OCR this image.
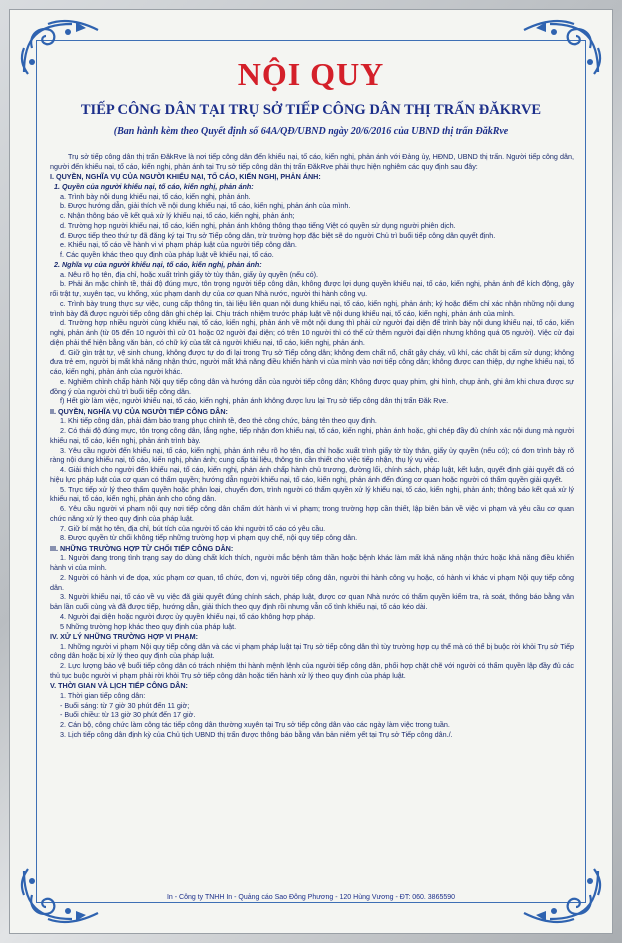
NỘI QUY
TIẾP CÔNG DÂN TẠI TRỤ SỞ TIẾP CÔNG DÂN THỊ TRẤN ĐĂKRVE
(Ban hành kèm theo Quyết định số 64A/QĐ/UBND ngày 20/6/2016 của UBND thị trấn ĐăkRve

Trụ sở tiếp công dân thị trấn ĐăkRve là nơi tiếp công dân đến khiếu nại, tố cáo, kiến nghị, phản ánh với Đảng ủy, HĐND, UBND thị trấn. Người tiếp công dân, người đến khiếu nại, tố cáo, kiến nghị, phản ánh tại Trụ sở tiếp công dân thị trấn ĐăkRve phải thực hiện nghiêm các quy định sau đây:

I. QUYỀN, NGHĨA VỤ CỦA NGƯỜI KHIẾU NẠI, TỐ CÁO, KIẾN NGHỊ, PHẢN ÁNH:

1. Quyền của người khiếu nại, tố cáo, kiến nghị, phản ánh:

a. Trình bày nội dung khiếu nại, tố cáo, kiến nghị, phản ánh.

b. Được hướng dẫn, giải thích về nội dung khiếu nại, tố cáo, kiến nghị, phản ánh của mình.

c. Nhận thông báo về kết quả xử lý khiếu nại, tố cáo, kiến nghị, phản ánh;

d. Trường hợp người khiếu nại, tố cáo, kiến nghị, phản ánh không thông thạo tiếng Việt có quyền sử dụng người phiên dịch.

đ. Được tiếp theo thứ tự đã đăng ký tại Trụ sở Tiếp công dân, trừ trường hợp đặc biệt sẽ do người Chủ trì buổi tiếp công dân quyết định.

e. Khiếu nại, tố cáo về hành vi vi phạm pháp luật của người tiếp công dân.

f. Các quyền khác theo quy định của pháp luật về khiếu nại, tố cáo.

2. Nghĩa vụ của người khiếu nại, tố cáo, kiến nghị, phản ánh:

a. Nêu rõ họ tên, địa chỉ, hoặc xuất trình giấy tờ tùy thân, giấy ủy quyền (nếu có).

b. Phải ăn mặc chỉnh tề, thái độ đúng mực, tôn trọng người tiếp công dân, không được lợi dụng quyền khiếu nại, tố cáo, kiến nghị, phản ánh để kích động, gây rối trật tự, xuyên tạc, vu khống, xúc phạm danh dự của cơ quan Nhà nước, người thi hành công vụ.

c. Trình bày trung thực sự việc, cung cấp thông tin, tài liệu liên quan nội dung khiếu nại, tố cáo, kiến nghị, phản ánh; ký hoặc điểm chỉ xác nhận những nội dung trình bày đã được người tiếp công dân ghi chép lại. Chịu trách nhiệm trước pháp luật về nội dung khiếu nại, tố cáo, kiến nghị, phản ánh của mình.

d. Trường hợp nhiều người cùng khiếu nại, tố cáo, kiến nghị, phản ánh về một nội dung thì phải cử người đại diện để trình bày nội dung khiếu nại, tố cáo, kiến nghị, phản ánh (từ 05 đến 10 người thì cử 01 hoặc 02 người đại diện; có trên 10 người thì có thể cử thêm người đại diện nhưng không quá 05 người). Việc cử đại diện phải thể hiện bằng văn bản, có chữ ký của tất cả người khiếu nại, tố cáo, kiến nghị, phản ánh.

đ. Giữ gìn trật tự, vệ sinh chung, không được tự do đi lại trong Trụ sở Tiếp công dân; không đem chất nổ, chất gây cháy, vũ khí, các chất bị cấm sử dụng; không đưa trẻ em, người bị mất khả năng nhận thức, người mất khả năng điều khiển hành vi của mình vào nơi tiếp công dân; không được can thiệp, dự nghe khiếu nại, tố cáo, kiến nghị, phản ánh của người khác.

e. Nghiêm chỉnh chấp hành Nội quy tiếp công dân và hướng dẫn của người tiếp công dân; Không được quay phim, ghi hình, chụp ảnh, ghi âm khi chưa được sự đồng ý của người chủ trì buổi tiếp công dân.

f) Hết giờ làm việc, người khiếu nại, tố cáo, kiến nghị, phản ánh không được lưu lại Trụ sở tiếp công dân thị trấn Đăk Rve.

II. QUYỀN, NGHĨA VỤ CỦA NGƯỜI TIẾP CÔNG DÂN:

1. Khi tiếp công dân, phải đảm bảo trang phục chỉnh tề, đeo thẻ công chức, bảng tên theo quy định.

2. Có thái độ đúng mực, tôn trọng công dân, lắng nghe, tiếp nhận đơn khiếu nại, tố cáo, kiến nghị, phản ánh hoặc, ghi chép đầy đủ chính xác nội dung mà người khiếu nại, tố cáo, kiến nghị, phản ánh trình bày.

3. Yêu cầu người đến khiếu nại, tố cáo, kiến nghị, phản ánh nêu rõ họ tên, địa chỉ hoặc xuất trình giấy tờ tùy thân, giấy ủy quyền (nếu có); có đơn trình bày rõ ràng nội dung khiếu nại, tố cáo, kiến nghị, phản ánh; cung cấp tài liệu, thông tin cần thiết cho việc tiếp nhận, thụ lý vụ việc.

4. Giải thích cho người đến khiếu nại, tố cáo, kiến nghị, phản ánh chấp hành chủ trương, đường lối, chính sách, pháp luật, kết luận, quyết định giải quyết đã có hiệu lực pháp luật của cơ quan có thẩm quyền; hướng dẫn người khiếu nại, tố cáo, kiến nghị, phản ánh đến đúng cơ quan hoặc người có thẩm quyền giải quyết.

5. Trực tiếp xử lý theo thẩm quyền hoặc phân loại, chuyển đơn, trình người có thẩm quyền xử lý khiếu nại, tố cáo, kiến nghị, phản ánh; thông báo kết quả xử lý khiếu nại, tố cáo, kiến nghị, phản ánh cho công dân.

6. Yêu cầu người vi phạm nội quy nơi tiếp công dân chấm dứt hành vi vi phạm; trong trường hợp cần thiết, lập biên bản về việc vi phạm và yêu cầu cơ quan chức năng xử lý theo quy định của pháp luật.

7. Giữ bí mật họ tên, địa chỉ, bút tích của người tố cáo khi người tố cáo có yêu cầu.

8. Được quyền từ chối không tiếp những trường hợp vi phạm quy chế, nội quy tiếp công dân.

III. NHỮNG TRƯỜNG HỢP TỪ CHỐI TIẾP CÔNG DÂN:

1. Người đang trong tình trạng say do dùng chất kích thích, người mắc bệnh tâm thần hoặc bệnh khác làm mất khả năng nhận thức hoặc khả năng điều khiển hành vi của mình.

2. Người có hành vi đe dọa, xúc phạm cơ quan, tổ chức, đơn vị, người tiếp công dân, người thi hành công vụ hoặc, có hành vi khác vi phạm Nội quy tiếp công dân.

3. Người khiếu nại, tố cáo về vụ việc đã giải quyết đúng chính sách, pháp luật, được cơ quan Nhà nước có thẩm quyền kiểm tra, rà soát, thông báo bằng văn bản lần cuối cùng và đã được tiếp, hướng dẫn, giải thích theo quy định rồi nhưng vẫn cố tình khiếu nại, tố cáo kéo dài.

4. Người đại diện hoặc người được ủy quyền khiếu nại, tố cáo không hợp pháp.

5 Những trường hợp khác theo quy định của pháp luật.

IV. XỬ LÝ NHỮNG TRƯỜNG HỢP VI PHẠM:

1. Những người vi phạm Nội quy tiếp công dân và các vi phạm pháp luật tại Trụ sở tiếp công dân thì tùy trường hợp cụ thể mà có thể bị buộc rời khỏi Trụ sở Tiếp công dân hoặc bị xử lý theo quy định của pháp luật.

2. Lực lượng bảo vệ buổi tiếp công dân có trách nhiệm thi hành mệnh lệnh của người tiếp công dân, phối hợp chặt chẽ với người có thẩm quyền lập đầy đủ các thủ tục buộc người vi phạm phải rời khỏi Trụ sở tiếp công dân hoặc tiến hành xử lý theo quy định của pháp luật.

V. THỜI GIAN VÀ LỊCH TIẾP CÔNG DÂN:

1. Thời gian tiếp công dân:

- Buổi sáng: từ 7 giờ 30 phút đến 11 giờ;

- Buổi chiều: từ 13 giờ 30 phút đến 17 giờ.

2. Cán bộ, công chức làm công tác tiếp công dân thường xuyên tại Trụ sở tiếp công dân vào các ngày làm việc trong tuần.

3. Lịch tiếp công dân định kỳ của Chủ tịch UBND thị trấn được thông báo bằng văn bản niêm yết tại Trụ sở Tiếp công dân./.

In - Công ty TNHH In - Quảng cáo Sao Đông Phương - 120 Hùng Vương - ĐT: 060. 3865590
